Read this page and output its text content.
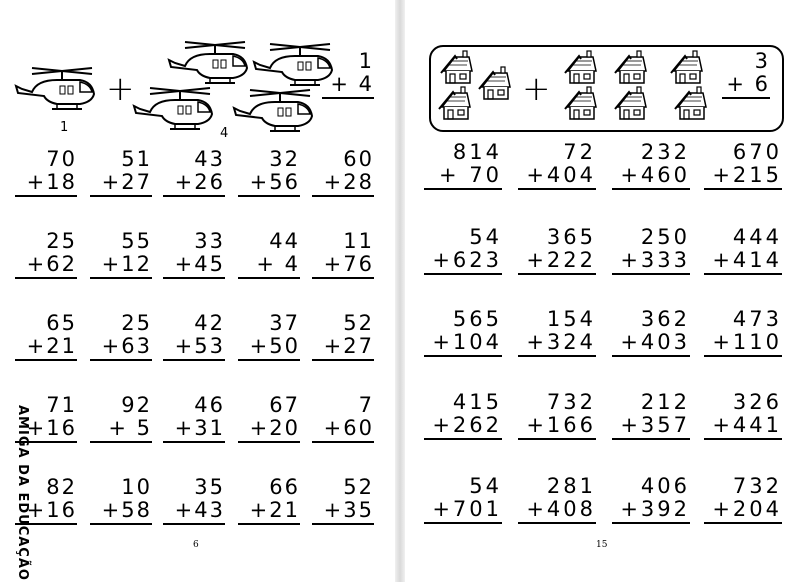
+
1	4
1
+ 4
70
+18
51
+27
43
+26
32
+56
60
+28
25
+62
55
+12
33
+45
44
+ 4
11
+76
65
+21
25
+63
42
+53
37
+50
52
+27
71
+16
92
+ 5
46
+31
67
+20
7
+60
82
+16
10
+58
35
+43
66
+21
52
+35
AMIGA DA EDUCAÇÃO	6
+
3
+ 6
814
+ 70
72
+404
232
+460
670
+215
54
+623
365
+222
250
+333
444
+414
565
+104
154
+324
362
+403
473
+110
415
+262
732
+166
212
+357
326
+441
54
+701
281
+408
406
+392
732
+204
15
